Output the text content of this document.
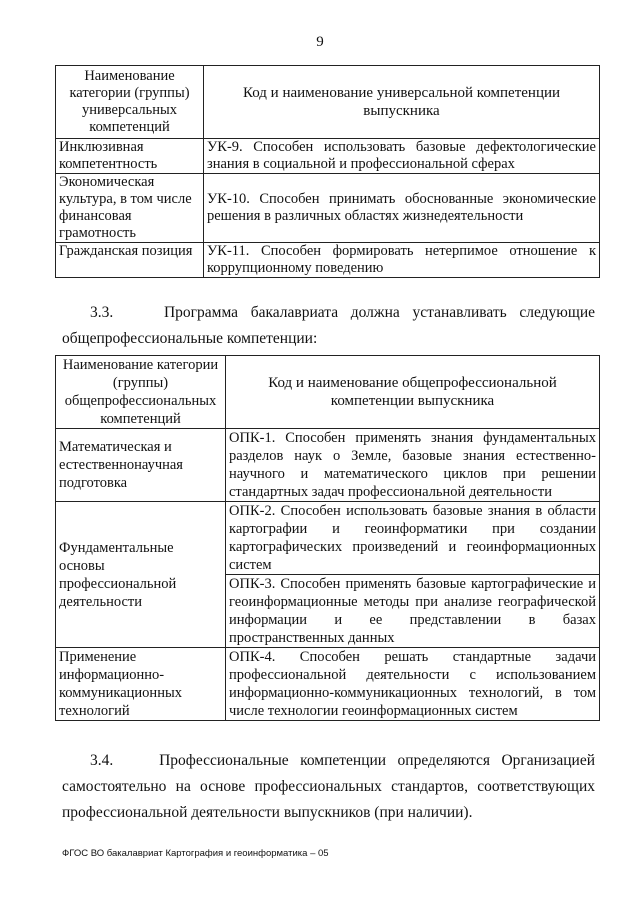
9
Наименование категории (группы) универсальных компетенций	Код и наименование универсальной компетенции выпускника
Инклюзивная компетентность	УК-9. Способен использовать базовые дефектологические знания в социальной и профессиональной сферах
Экономическая культура, в том числе финансовая грамотность	УК-10. Способен принимать обоснованные экономические решения в различных областях жизнедеятельности
Гражданская позиция	УК-11. Способен формировать нетерпимое отношение к коррупционному поведению
3.3.	Программа бакалавриата должна устанавливать следующие общепрофессиональные компетенции:
Наименование категории (группы) общепрофессиональных компетенций	Код и наименование общепрофессиональной компетенции выпускника
Математическая и естественнонаучная подготовка	ОПК-1. Способен применять знания фундаментальных разделов наук о Земле, базовые знания естественно-научного и математического циклов при решении стандартных задач профессиональной деятельности
Фундаментальные основы профессиональной деятельности	ОПК-2. Способен использовать базовые знания в области картографии и геоинформатики при создании картографических произведений и геоинформационных систем
	ОПК-3. Способен применять базовые картографические и геоинформационные методы при анализе географической информации и ее представлении в базах пространственных данных
Применение информационно-коммуникационных технологий	ОПК-4. Способен решать стандартные задачи профессиональной деятельности с использованием информационно-коммуникационных технологий, в том числе технологии геоинформационных систем
3.4.	Профессиональные компетенции определяются Организацией самостоятельно на основе профессиональных стандартов, соответствующих профессиональной деятельности выпускников (при наличии).
ФГОС ВО бакалавриат Картография и геоинформатика – 05
